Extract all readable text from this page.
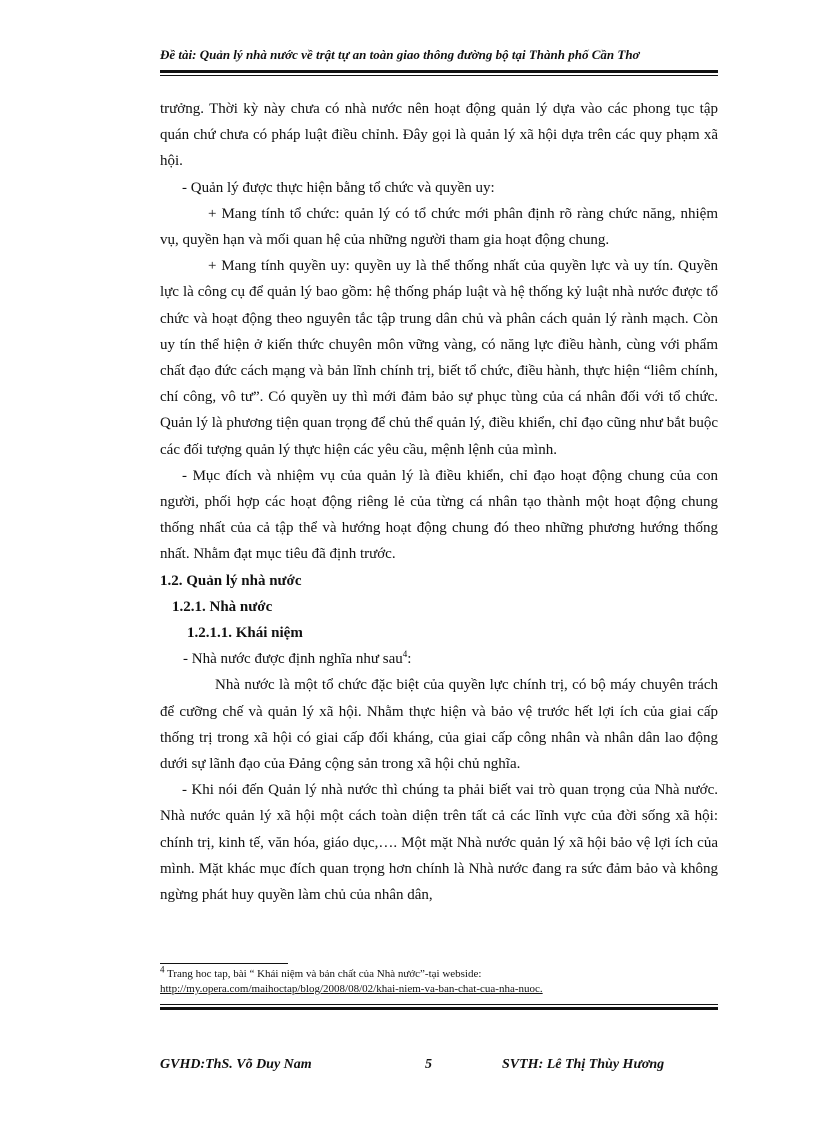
Đề tài: Quản lý nhà nước về trật tự an toàn giao thông đường bộ tại Thành phố Cần Thơ

trưởng. Thời kỳ này chưa có nhà nước nên hoạt động quản lý dựa vào các phong tục tập quán chứ chưa có pháp luật điều chỉnh. Đây gọi là quản lý xã hội dựa trên các quy phạm xã hội.

- Quản lý được thực hiện bằng tổ chức và quyền uy:

+ Mang tính tổ chức: quản lý có tổ chức mới phân định rõ ràng chức năng, nhiệm vụ, quyền hạn và mối quan hệ của những người tham gia hoạt động chung.

+ Mang tính quyền uy: quyền uy là thể thống nhất của quyền lực và uy tín. Quyền lực là công cụ để quản lý bao gồm: hệ thống pháp luật và hệ thống kỷ luật nhà nước được tổ chức và hoạt động theo nguyên tắc tập trung dân chủ và phân cách quản lý rành mạch. Còn uy tín thể hiện ở kiến thức chuyên môn vững vàng, có năng lực điều hành, cùng với phẩm chất đạo đức cách mạng và bản lĩnh chính trị, biết tổ chức, điều hành, thực hiện “liêm chính, chí công, vô tư”. Có quyền uy thì mới đảm bảo sự phục tùng của cá nhân đối với tổ chức. Quản lý là phương tiện quan trọng để chủ thể quản lý, điều khiển, chỉ đạo cũng như bắt buộc các đối tượng quản lý thực hiện các yêu cầu, mệnh lệnh của mình.

- Mục đích và nhiệm vụ của quản lý là điều khiển, chỉ đạo hoạt động chung của con người, phối hợp các hoạt động riêng lẻ của từng cá nhân tạo thành một hoạt động chung thống nhất của cả tập thể và hướng hoạt động chung đó theo những phương hướng thống nhất. Nhằm đạt mục tiêu đã định trước.

1.2. Quản lý nhà nước

1.2.1. Nhà nước

1.2.1.1. Khái niệm

- Nhà nước được định nghĩa như sau$^4$:

Nhà nước là một tổ chức đặc biệt của quyền lực chính trị, có bộ máy chuyên trách để cưỡng chế và quản lý xã hội. Nhằm thực hiện và bảo vệ trước hết lợi ích của giai cấp thống trị trong xã hội có giai cấp đối kháng, của giai cấp công nhân và nhân dân lao động dưới sự lãnh đạo của Đảng cộng sản trong xã hội chủ nghĩa.

- Khi nói đến Quản lý nhà nước thì chúng ta phải biết vai trò quan trọng của Nhà nước. Nhà nước quản lý xã hội một cách toàn diện trên tất cả các lĩnh vực của đời sống xã hội: chính trị, kinh tế, văn hóa, giáo dục,…. Một mặt Nhà nước quản lý xã hội bảo vệ lợi ích của mình. Mặt khác mục đích quan trọng hơn chính là Nhà nước đang ra sức đảm bảo và không ngừng phát huy quyền làm chủ của nhân dân,

$^4$ Trang hoc tap, bài “ Khái niệm và bản chất của Nhà nước”-tại webside:
http://my.opera.com/maihoctap/blog/2008/08/02/khai-niem-va-ban-chat-cua-nha-nuoc.
GVHD:ThS. Võ Duy Nam	5	SVTH: Lê Thị Thùy Hương
